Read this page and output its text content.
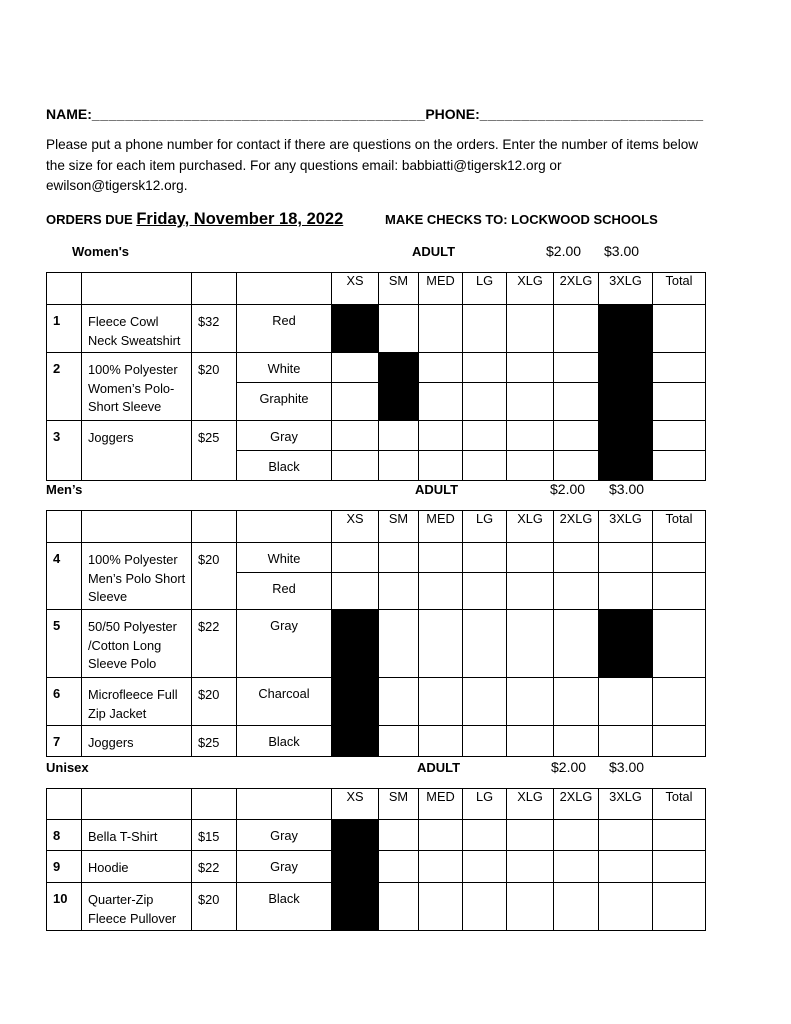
NAME:________________________________________PHONE:___________________________
Please put a phone number for contact if there are questions on the orders. Enter the number of items below
the size for each item purchased. For any questions email: babbiatti@tigersk12.org or
ewilson@tigersk12.org.
ORDERS DUE Friday, November 18, 2022	MAKE CHECKS TO: LOCKWOOD SCHOOLS
Women's	ADULT	$2.00 $3.00
				XS	SM	MED	LG	XLG	2XLG	3XLG	Total

1	Fleece Cowl Neck Sweatshirt	$32	Red								

2	100% Polyester Women’s Polo-Short Sleeve	$20	White								

			Graphite								

3	Joggers	$25	Gray								

			Black								

Men’s	ADULT	$2.00 $3.00
				XS	SM	MED	LG	XLG	2XLG	3XLG	Total

4	100% Polyester Men’s Polo Short Sleeve	$20	White								

			Red								

5	50/50 Polyester /Cotton Long Sleeve Polo	$22	Gray								

6	Microfleece Full Zip Jacket	$20	Charcoal								

7	Joggers	$25	Black								

Unisex	ADULT	$2.00 $3.00
				XS	SM	MED	LG	XLG	2XLG	3XLG	Total

8	Bella T-Shirt	$15	Gray								

9	Hoodie	$22	Gray								

10	Quarter-Zip Fleece Pullover	$20	Black								
